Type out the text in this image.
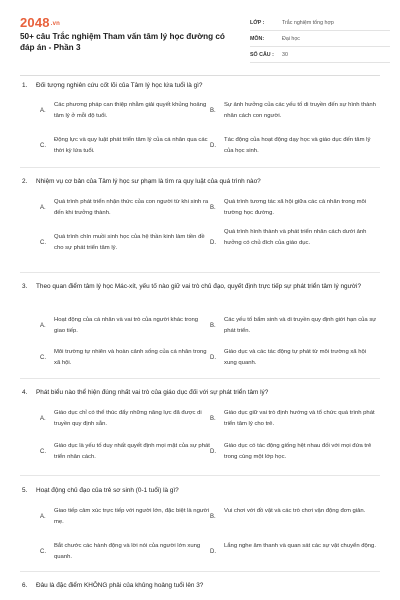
2048.vn
50+ câu Trắc nghiệm Tham vấn tâm lý học đường có đáp án - Phần 3
LỚP :	Trắc nghiệm tổng hợp
MÔN:	Đại học
SỐ CÂU :	30
1. Đối tượng nghiên cứu cốt lõi của Tâm lý học lứa tuổi là gì?
A.
Các phương pháp can thiệp nhằm giải quyết khủng hoảng tâm lý ở mỗi độ tuổi.
B.
Sự ảnh hưởng của các yếu tố di truyền đến sự hình thành nhân cách con người.
C.
Động lực và quy luật phát triển tâm lý của cá nhân qua các thời kỳ lứa tuổi.
D.
Tác động của hoạt động dạy học và giáo dục đến tâm lý của học sinh.
2. Nhiệm vụ cơ bản của Tâm lý học sư phạm là tìm ra quy luật của quá trình nào?
A.
Quá trình phát triển nhận thức của con người từ khi sinh ra đến khi trưởng thành.
B.
Quá trình tương tác xã hội giữa các cá nhân trong môi trường học đường.
C.
Quá trình chín muồi sinh học của hệ thần kinh làm tiền đề cho sự phát triển tâm lý.
D.
Quá trình hình thành và phát triển nhân cách dưới ảnh hưởng có chủ đích của giáo dục.
3. Theo quan điểm tâm lý học Mác-xít, yếu tố nào giữ vai trò chủ đạo, quyết định trực tiếp sự phát triển tâm lý người?
A.
Hoạt động của cá nhân và vai trò của người khác trong giao tiếp.
B.
Các yếu tố bẩm sinh và di truyền quy định giới hạn của sự phát triển.
C.
Môi trường tự nhiên và hoàn cảnh sống của cá nhân trong xã hội.
D.
Giáo dục và các tác động tự phát từ môi trường xã hội xung quanh.
4. Phát biểu nào thể hiện đúng nhất vai trò của giáo dục đối với sự phát triển tâm lý?
A.
Giáo dục chỉ có thể thúc đẩy những năng lực đã được di truyền quy định sẵn.
B.
Giáo dục giữ vai trò định hướng và tổ chức quá trình phát triển tâm lý cho trẻ.
C.
Giáo dục là yếu tố duy nhất quyết định mọi mặt của sự phát triển nhân cách.
D.
Giáo dục có tác động giống hệt nhau đối với mọi đứa trẻ trong cùng một lớp học.
5. Hoạt động chủ đạo của trẻ sơ sinh (0-1 tuổi) là gì?
A.
Giao tiếp cảm xúc trực tiếp với người lớn, đặc biệt là người mẹ.
B.
Vui chơi với đồ vật và các trò chơi vận động đơn giản.
C.
Bắt chước các hành động và lời nói của người lớn xung quanh.
D.
Lắng nghe âm thanh và quan sát các sự vật chuyển động.
6. Đâu là đặc điểm KHÔNG phải của khủng hoảng tuổi lên 3?
